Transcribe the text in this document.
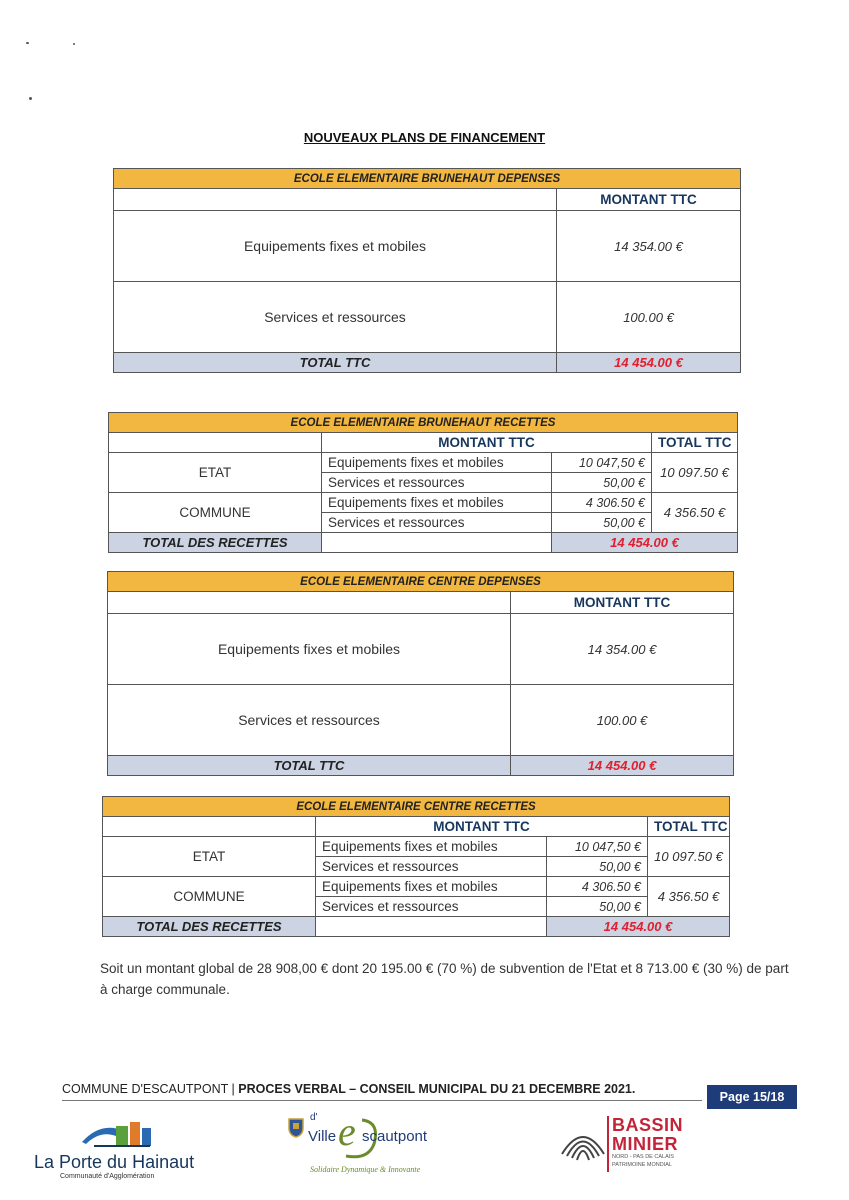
NOUVEAUX PLANS DE FINANCEMENT
ECOLE ELEMENTAIRE BRUNEHAUT DEPENSES	
	MONTANT TTC
Equipements fixes et mobiles	14 354.00 €
Services et ressources	100.00 €
TOTAL TTC	14 454.00 €
ECOLE ELEMENTAIRE BRUNEHAUT RECETTES			
	MONTANT TTC		TOTAL TTC
ETAT	Equipements fixes et mobiles	10 047,50 €	10 097.50 €
	Services et ressources	50,00 €	
COMMUNE	Equipements fixes et mobiles	4 306.50 €	4 356.50 €
	Services et ressources	50,00 €	
TOTAL DES RECETTES		14 454.00 €	
ECOLE ELEMENTAIRE CENTRE DEPENSES	
	MONTANT TTC
Equipements fixes et mobiles	14 354.00 €
Services et ressources	100.00 €
TOTAL TTC	14 454.00 €
ECOLE ELEMENTAIRE CENTRE RECETTES			
	MONTANT TTC		TOTAL TTC
ETAT	Equipements fixes et mobiles	10 047,50 €	10 097.50 €
	Services et ressources	50,00 €	
COMMUNE	Equipements fixes et mobiles	4 306.50 €	4 356.50 €
	Services et ressources	50,00 €	
TOTAL DES RECETTES		14 454.00 €	
Soit un montant global de 28 908,00 € dont 20 195.00 € (70 %) de subvention de l'Etat et 8 713.00 € (30 %) de part à charge communale.
COMMUNE D'ESCAUTPONT | PROCES VERBAL – CONSEIL MUNICIPAL DU 21 DECEMBRE 2021.
Page 15/18
La Porte du Hainaut
Communauté d'Agglomération
d'
Ville e scautpont
Solidaire Dynamique & Innovante
BASSIN
MINIER
NORD - PAS DE CALAIS
PATRIMOINE MONDIAL
